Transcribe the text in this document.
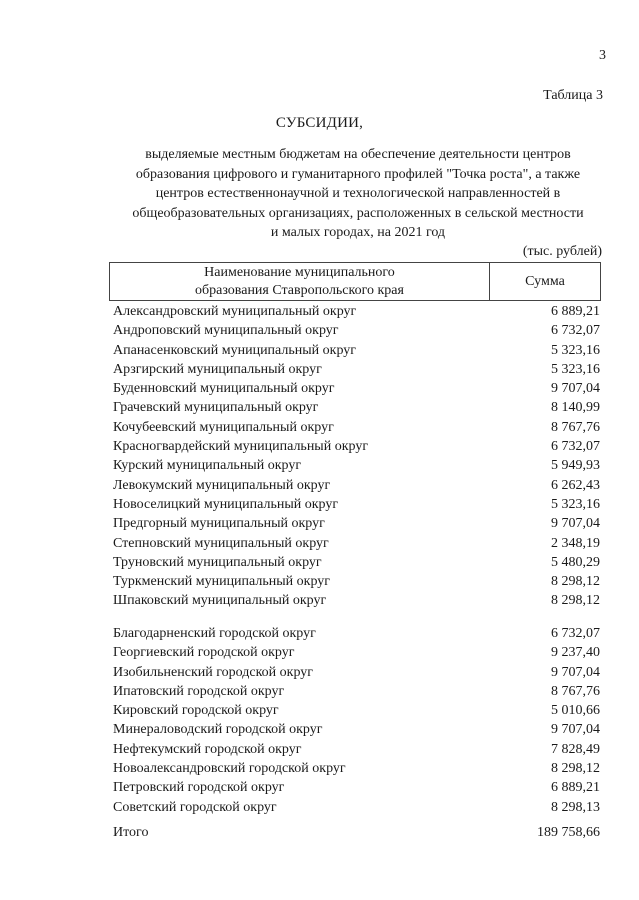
3
Таблица 3
СУБСИДИИ,
выделяемые местным бюджетам на обеспечение деятельности центров
образования цифрового и гуманитарного профилей "Точка роста", а также
центров естественнонаучной и технологической направленностей в
общеобразовательных организациях, расположенных в сельской местности
и малых городах, на 2021 год
(тыс. рублей)
Наименование муниципального
образования Ставропольского края
Сумма
Александровский муниципальный округ	6 889,21
Андроповский муниципальный округ	6 732,07
Апанасенковский муниципальный округ	5 323,16
Арзгирский муниципальный округ	5 323,16
Буденновский муниципальный округ	9 707,04
Грачевский муниципальный округ	8 140,99
Кочубеевский муниципальный округ	8 767,76
Красногвардейский муниципальный округ	6 732,07
Курский муниципальный округ	5 949,93
Левокумский муниципальный округ	6 262,43
Новоселицкий муниципальный округ	5 323,16
Предгорный муниципальный округ	9 707,04
Степновский муниципальный округ	2 348,19
Труновский муниципальный округ	5 480,29
Туркменский муниципальный округ	8 298,12
Шпаковский муниципальный округ	8 298,12
Благодарненский городской округ	6 732,07
Георгиевский городской округ	9 237,40
Изобильненский городской округ	9 707,04
Ипатовский городской округ	8 767,76
Кировский городской округ	5 010,66
Минераловодский городской округ	9 707,04
Нефтекумский городской округ	7 828,49
Новоалександровский городской округ	8 298,12
Петровский городской округ	6 889,21
Советский городской округ	8 298,13
Итого	189 758,66
